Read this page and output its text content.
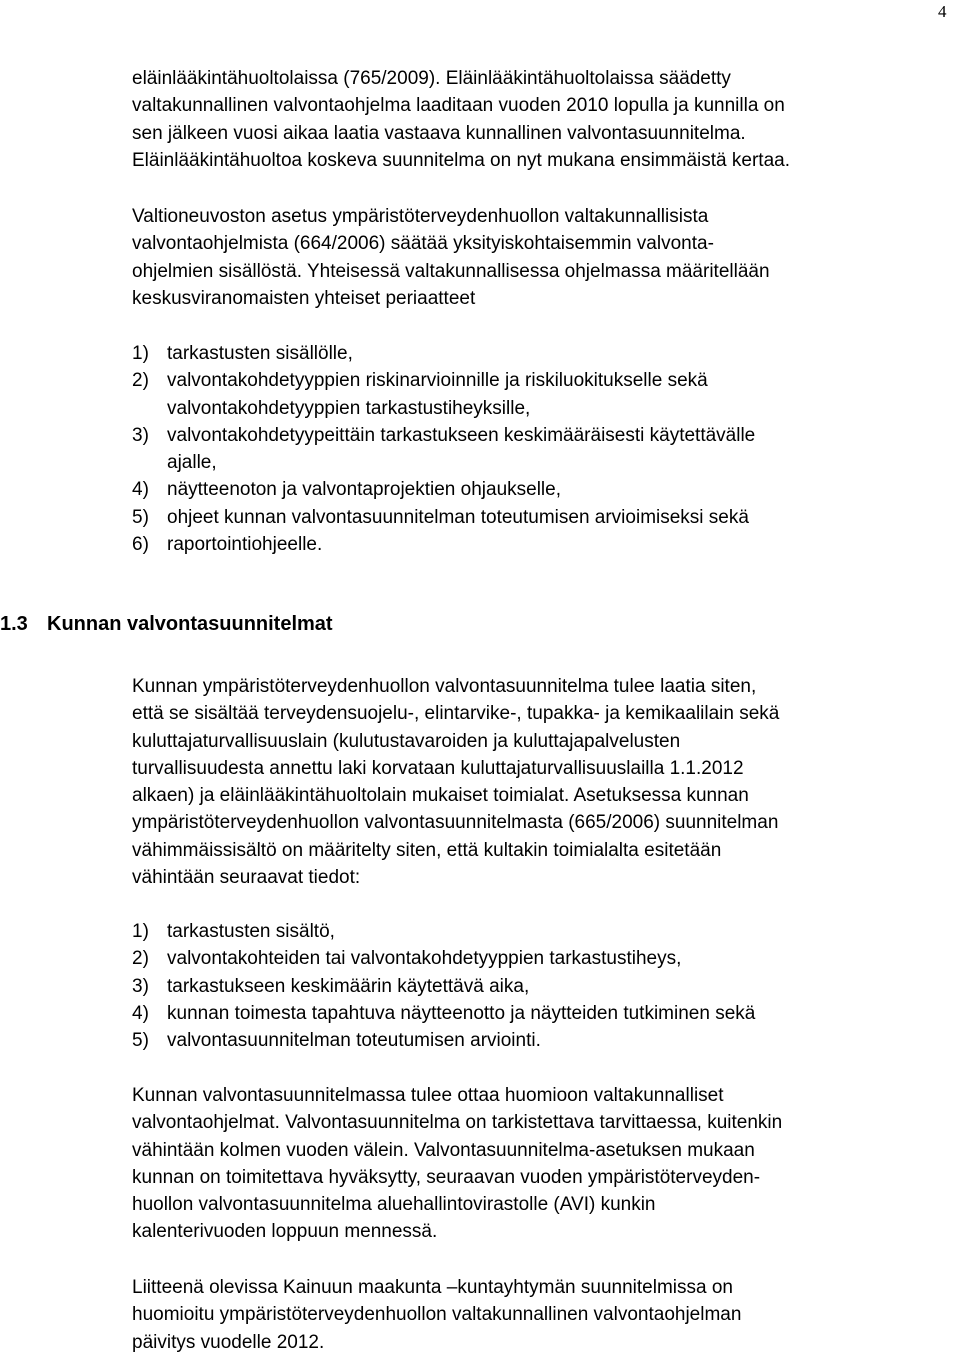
4

eläinlääkintähuoltolaissa (765/2009). Eläinlääkintähuoltolaissa säädetty
valtakunnallinen valvontaohjelma laaditaan vuoden 2010 lopulla ja kunnilla on
sen jälkeen vuosi aikaa laatia vastaava kunnallinen valvontasuunnitelma.
Eläinlääkintähuoltoa koskeva suunnitelma on nyt mukana ensimmäistä kertaa.

Valtioneuvoston asetus ympäristöterveydenhuollon valtakunnallisista
valvontaohjelmista (664/2006) säätää yksityiskohtaisemmin valvonta-
ohjelmien sisällöstä. Yhteisessä valtakunnallisessa ohjelmassa määritellään
keskusviranomaisten yhteiset periaatteet

1) tarkastusten sisällölle,
2) valvontakohdetyyppien riskinarvioinnille ja riskiluokitukselle sekä
valvontakohdetyyppien tarkastustiheyksille,
3) valvontakohdetyypeittäin tarkastukseen keskimääräisesti käytettävälle
ajalle,
4) näytteenoton ja valvontaprojektien ohjaukselle,
5) ohjeet kunnan valvontasuunnitelman toteutumisen arvioimiseksi sekä
6) raportointiohjeelle.
1.3 Kunnan valvontasuunnitelmat

Kunnan ympäristöterveydenhuollon valvontasuunnitelma tulee laatia siten,
että se sisältää terveydensuojelu-, elintarvike-, tupakka- ja kemikaalilain sekä
kuluttajaturvallisuuslain (kulutustavaroiden ja kuluttajapalvelusten
turvallisuudesta annettu laki korvataan kuluttajaturvallisuuslailla 1.1.2012
alkaen) ja eläinlääkintähuoltolain mukaiset toimialat. Asetuksessa kunnan
ympäristöterveydenhuollon valvontasuunnitelmasta (665/2006) suunnitelman
vähimmäissisältö on määritelty siten, että kultakin toimialalta esitetään
vähintään seuraavat tiedot:

1) tarkastusten sisältö,
2) valvontakohteiden tai valvontakohdetyyppien tarkastustiheys,
3) tarkastukseen keskimäärin käytettävä aika,
4) kunnan toimesta tapahtuva näytteenotto ja näytteiden tutkiminen sekä
5) valvontasuunnitelman toteutumisen arviointi.

Kunnan valvontasuunnitelmassa tulee ottaa huomioon valtakunnalliset
valvontaohjelmat. Valvontasuunnitelma on tarkistettava tarvittaessa, kuitenkin
vähintään kolmen vuoden välein. Valvontasuunnitelma-asetuksen mukaan
kunnan on toimitettava hyväksytty, seuraavan vuoden ympäristöterveyden-
huollon valvontasuunnitelma aluehallintovirastolle (AVI) kunkin
kalenterivuoden loppuun mennessä.

Liitteenä olevissa Kainuun maakunta –kuntayhtymän suunnitelmissa on
huomioitu ympäristöterveydenhuollon valtakunnallinen valvontaohjelman
päivitys vuodelle 2012.
